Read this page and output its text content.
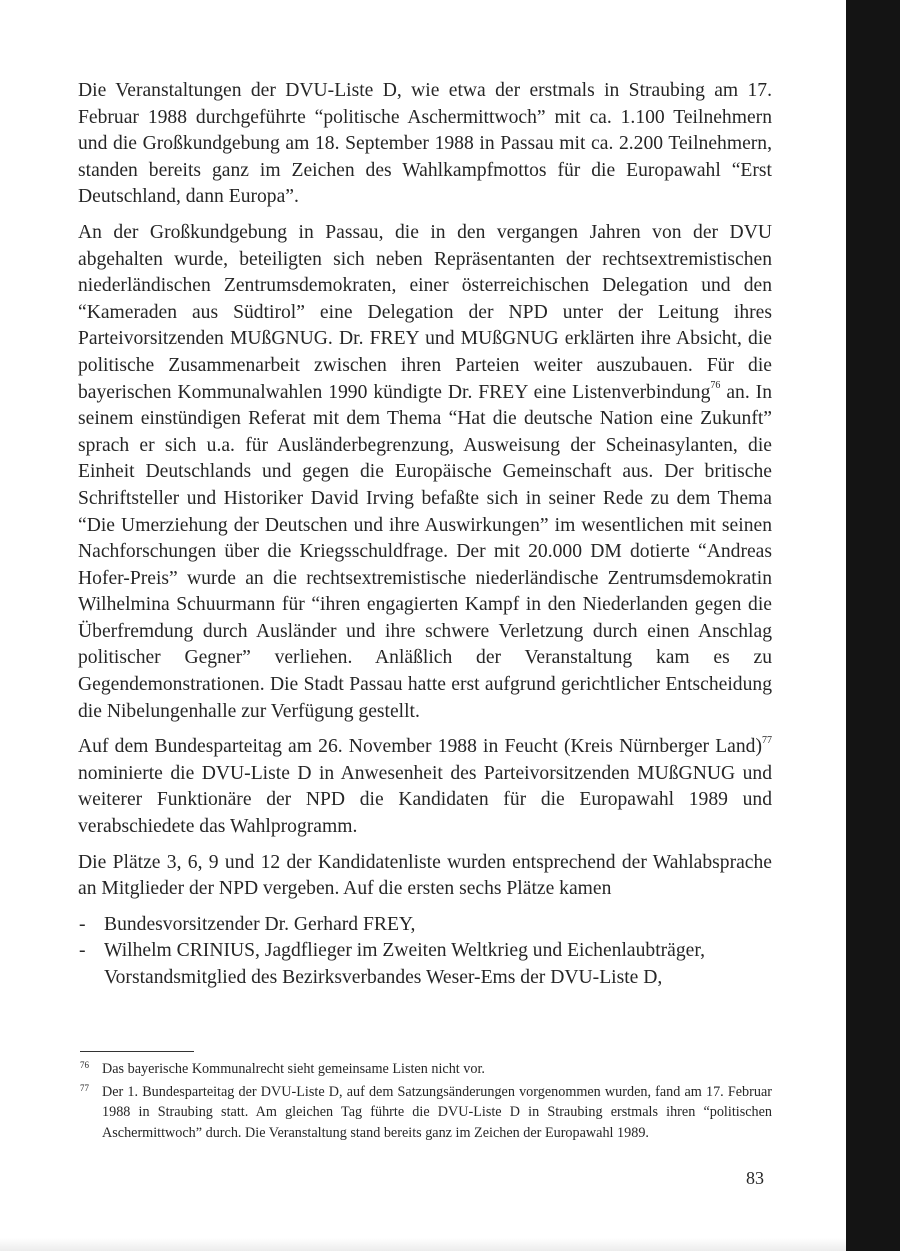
Die Veranstaltungen der DVU-Liste D, wie etwa der erstmals in Straubing am 17. Februar 1988 durchgeführte “politische Aschermittwoch” mit ca. 1.100 Teilnehmern und die Großkundgebung am 18. September 1988 in Passau mit ca. 2.200 Teilnehmern, standen bereits ganz im Zeichen des Wahlkampfmottos für die Europawahl “Erst Deutschland, dann Europa”.

An der Großkundgebung in Passau, die in den vergangen Jahren von der DVU abgehalten wurde, beteiligten sich neben Repräsentanten der rechtsextremistischen niederländischen Zentrumsdemokraten, einer österreichischen Delegation und den “Kameraden aus Südtirol” eine Delegation der NPD unter der Leitung ihres Parteivorsitzenden MUßGNUG. Dr. FREY und MUßGNUG erklärten ihre Absicht, die politische Zusammenarbeit zwischen ihren Parteien weiter auszubauen. Für die bayerischen Kommunalwahlen 1990 kündigte Dr. FREY eine Listenverbindung$^{76}$ an. In seinem einstündigen Referat mit dem Thema “Hat die deutsche Nation eine Zukunft” sprach er sich u.a. für Ausländerbegrenzung, Ausweisung der Scheinasylanten, die Einheit Deutschlands und gegen die Europäische Gemeinschaft aus. Der britische Schriftsteller und Historiker David Irving befaßte sich in seiner Rede zu dem Thema “Die Umerziehung der Deutschen und ihre Auswirkungen” im wesentlichen mit seinen Nachforschungen über die Kriegsschuldfrage. Der mit 20.000 DM dotierte “Andreas Hofer-Preis” wurde an die rechtsextremistische niederländische Zentrumsdemokratin Wilhelmina Schuurmann für “ihren engagierten Kampf in den Niederlanden gegen die Überfremdung durch Ausländer und ihre schwere Verletzung durch einen Anschlag politischer Gegner” verliehen. Anläßlich der Veranstaltung kam es zu Gegendemonstrationen. Die Stadt Passau hatte erst aufgrund gerichtlicher Entscheidung die Nibelungenhalle zur Verfügung gestellt.

Auf dem Bundesparteitag am 26. November 1988 in Feucht (Kreis Nürnberger Land)$^{77}$ nominierte die DVU-Liste D in Anwesenheit des Parteivorsitzenden MUßGNUG und weiterer Funktionäre der NPD die Kandidaten für die Europawahl 1989 und verabschiedete das Wahlprogramm.

Die Plätze 3, 6, 9 und 12 der Kandidatenliste wurden entsprechend der Wahlabsprache an Mitglieder der NPD vergeben. Auf die ersten sechs Plätze kamen

- Bundesvorsitzender Dr. Gerhard FREY,
- Wilhelm CRINIUS, Jagdflieger im Zweiten Weltkrieg und Eichenlaubträger, Vorstandsmitglied des Bezirksverbandes Weser-Ems der DVU-Liste D,
76 Das bayerische Kommunalrecht sieht gemeinsame Listen nicht vor.
77 Der 1. Bundesparteitag der DVU-Liste D, auf dem Satzungsänderungen vorgenommen wurden, fand am 17. Februar 1988 in Straubing statt. Am gleichen Tag führte die DVU-Liste D in Straubing erstmals ihren “politischen Aschermittwoch” durch. Die Veranstaltung stand bereits ganz im Zeichen der Europawahl 1989.
83
